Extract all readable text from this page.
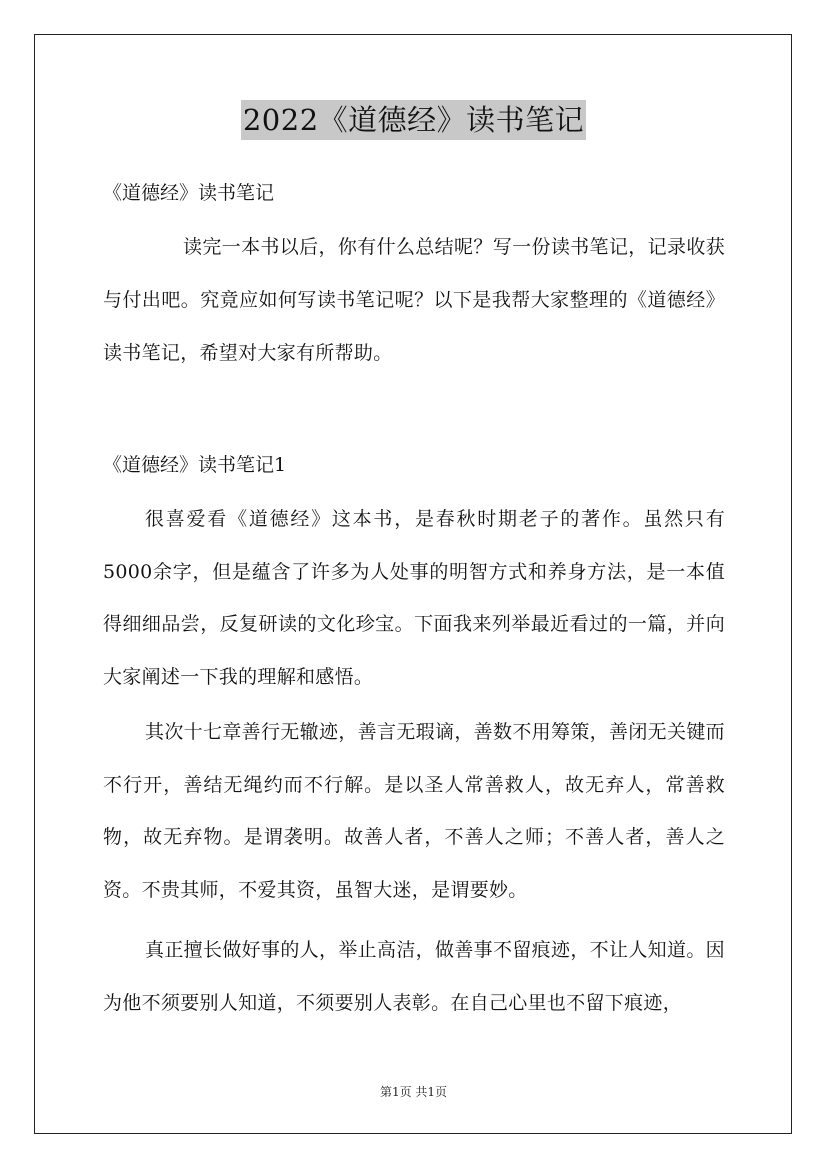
2022《道德经》读书笔记
《道德经》读书笔记
读完一本书以后，你有什么总结呢？写一份读书笔记，记录收获与付出吧。究竟应如何写读书笔记呢？以下是我帮大家整理的《道德经》读书笔记，希望对大家有所帮助。
《道德经》读书笔记1
很喜爱看《道德经》这本书，是春秋时期老子的著作。虽然只有5000余字，但是蕴含了许多为人处事的明智方式和养身方法，是一本值得细细品尝，反复研读的文化珍宝。下面我来列举最近看过的一篇，并向大家阐述一下我的理解和感悟。
其次十七章善行无辙迹，善言无瑕谪，善数不用筹策，善闭无关键而不行开，善结无绳约而不行解。是以圣人常善救人，故无弃人，常善救物，故无弃物。是谓袭明。故善人者，不善人之师；不善人者，善人之资。不贵其师，不爱其资，虽智大迷，是谓要妙。
真正擅长做好事的人，举止高洁，做善事不留痕迹，不让人知道。因为他不须要别人知道，不须要别人表彰。在自己心里也不留下痕迹，
第1页 共1页
